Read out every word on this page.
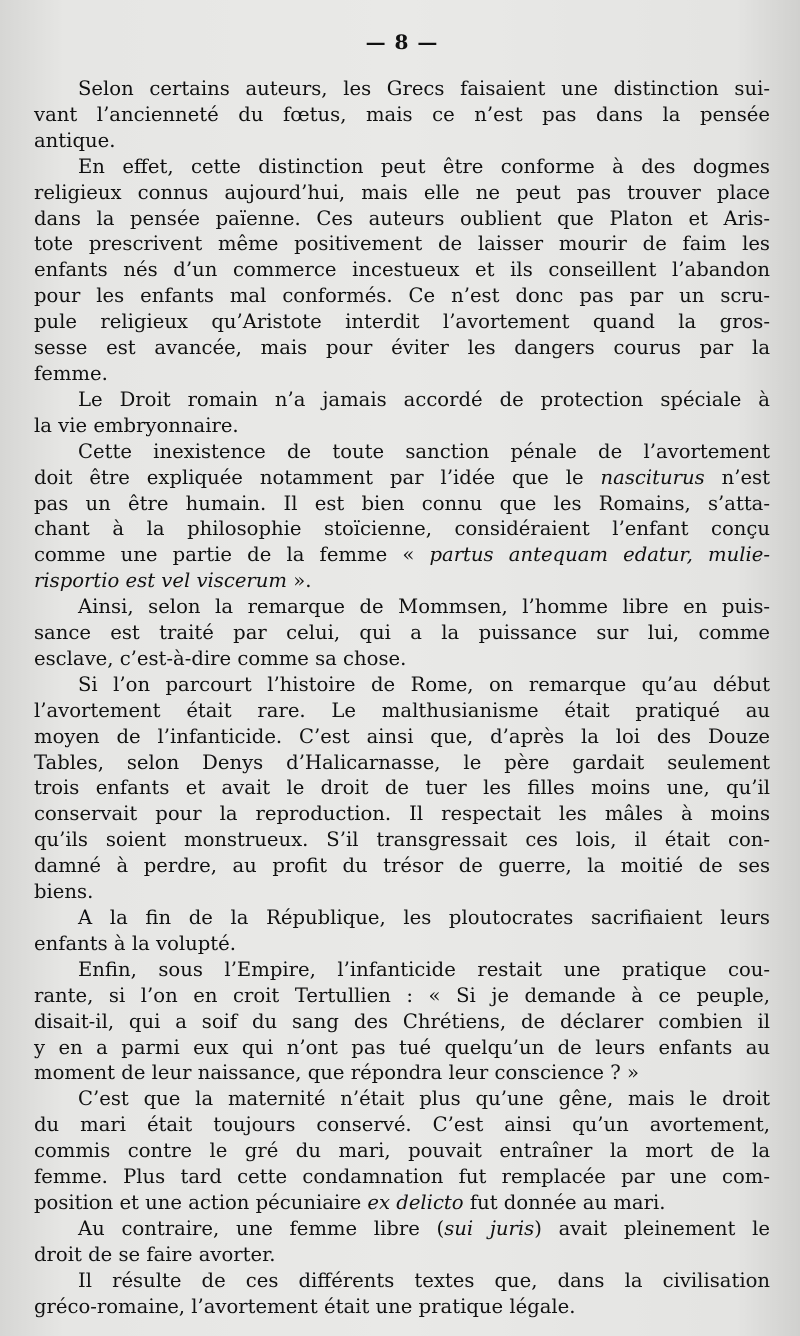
— 8 —

Selon certains auteurs, les Grecs faisaient une distinction sui-
vant l’ancienneté du fœtus, mais ce n’est pas dans la pensée
antique.

En effet, cette distinction peut être conforme à des dogmes
religieux connus aujourd’hui, mais elle ne peut pas trouver place
dans la pensée païenne. Ces auteurs oublient que Platon et Aris-
tote prescrivent même positivement de laisser mourir de faim les
enfants nés d’un commerce incestueux et ils conseillent l’abandon
pour les enfants mal conformés. Ce n’est donc pas par un scru-
pule religieux qu’Aristote interdit l’avortement quand la gros-
sesse est avancée, mais pour éviter les dangers courus par la
femme.

Le Droit romain n’a jamais accordé de protection spéciale à
la vie embryonnaire.

Cette inexistence de toute sanction pénale de l’avortement
doit être expliquée notamment par l’idée que le nasciturus n’est
pas un être humain. Il est bien connu que les Romains, s’atta-
chant à la philosophie stoïcienne, considéraient l’enfant conçu
comme une partie de la femme « partus antequam edatur, mulie-
risportio est vel viscerum ».

Ainsi, selon la remarque de Mommsen, l’homme libre en puis-
sance est traité par celui, qui a la puissance sur lui, comme
esclave, c’est-à-dire comme sa chose.

Si l’on parcourt l’histoire de Rome, on remarque qu’au début
l’avortement était rare. Le malthusianisme était pratiqué au
moyen de l’infanticide. C’est ainsi que, d’après la loi des Douze
Tables, selon Denys d’Halicarnasse, le père gardait seulement
trois enfants et avait le droit de tuer les filles moins une, qu’il
conservait pour la reproduction. Il respectait les mâles à moins
qu’ils soient monstrueux. S’il transgressait ces lois, il était con-
damné à perdre, au profit du trésor de guerre, la moitié de ses
biens.

A la fin de la République, les ploutocrates sacrifiaient leurs
enfants à la volupté.

Enfin, sous l’Empire, l’infanticide restait une pratique cou-
rante, si l’on en croit Tertullien : « Si je demande à ce peuple,
disait-il, qui a soif du sang des Chrétiens, de déclarer combien il
y en a parmi eux qui n’ont pas tué quelqu’un de leurs enfants au
moment de leur naissance, que répondra leur conscience ? »

C’est que la maternité n’était plus qu’une gêne, mais le droit
du mari était toujours conservé. C’est ainsi qu’un avortement,
commis contre le gré du mari, pouvait entraîner la mort de la
femme. Plus tard cette condamnation fut remplacée par une com-
position et une action pécuniaire ex delicto fut donnée au mari.

Au contraire, une femme libre (sui juris) avait pleinement le
droit de se faire avorter.

Il résulte de ces différents textes que, dans la civilisation
gréco-romaine, l’avortement était une pratique légale.
